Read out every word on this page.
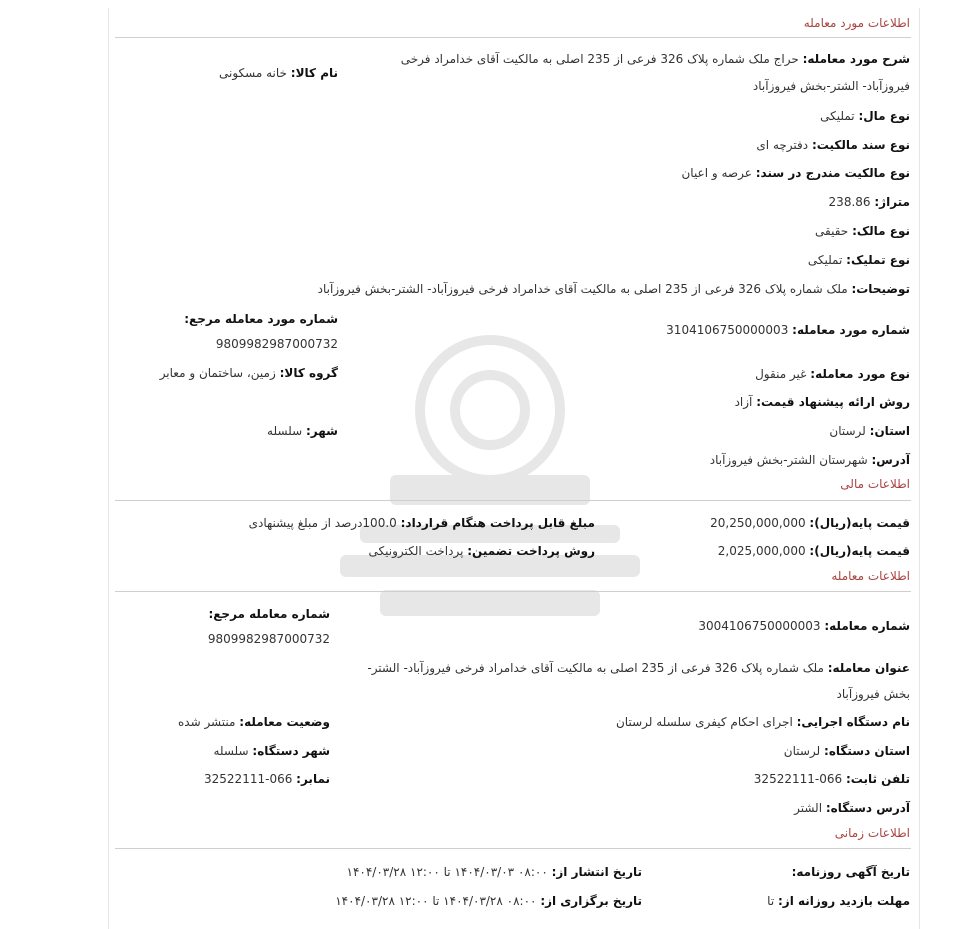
اطلاعات مورد معامله
شرح مورد معامله: حراج ملک شماره پلاک 326 فرعی از 235 اصلی به مالکیت آقای خدامراد فرخی
فیروزآباد- الشتر-بخش فیروزآباد
نام کالا: خانه مسکونی
نوع مال: تملیکی
نوع سند مالکیت: دفترچه ای
نوع مالکیت مندرج در سند: عرصه و اعیان
متراژ: 238.86
نوع مالک: حقیقی
نوع تملیک: تملیکی
توضیحات: ملک شماره پلاک 326 فرعی از 235 اصلی به مالکیت آقای خدامراد فرخی فیروزآباد- الشتر-بخش فیروزآباد
شماره مورد معامله مرجع:
9809982987000732
شماره مورد معامله: 3104106750000003
گروه کالا: زمین، ساختمان و معابر	نوع مورد معامله: غیر منقول
روش ارائه پیشنهاد قیمت: آزاد
استان: لرستان
شهر: سلسله
آدرس: شهرستان الشتر-بخش فیروزآباد
اطلاعات مالی
قیمت پایه(ریال): 20,250,000,000
مبلغ قابل پرداخت هنگام قرارداد: 100.0درصد از مبلغ پیشنهادی
قیمت پایه(ریال): 2,025,000,000
روش پرداخت تضمین: پرداخت الکترونیکی
اطلاعات معامله
شماره معامله: 3004106750000003
شماره معامله مرجع:
9809982987000732
عنوان معامله: ملک شماره پلاک 326 فرعی از 235 اصلی به مالکیت آقای خدامراد فرخی فیروزآباد- الشتر-
بخش فیروزآباد
نام دستگاه اجرایی: اجرای احکام کیفری سلسله لرستان
وضعیت معامله: منتشر شده
استان دستگاه: لرستان
شهر دستگاه: سلسله
تلفن ثابت: 066-32522111
نمابر: 066-32522111
آدرس دستگاه: الشتر
اطلاعات زمانی
تاریخ آگهی روزنامه:
تاریخ انتشار از: ۰۸:۰۰ ۱۴۰۴/۰۳/۰۳ تا ۱۲:۰۰ ۱۴۰۴/۰۳/۲۸
مهلت بازدید روزانه از: تا
تاریخ برگزاری از: ۰۸:۰۰ ۱۴۰۴/۰۳/۲۸ تا ۱۲:۰۰ ۱۴۰۴/۰۳/۲۸
